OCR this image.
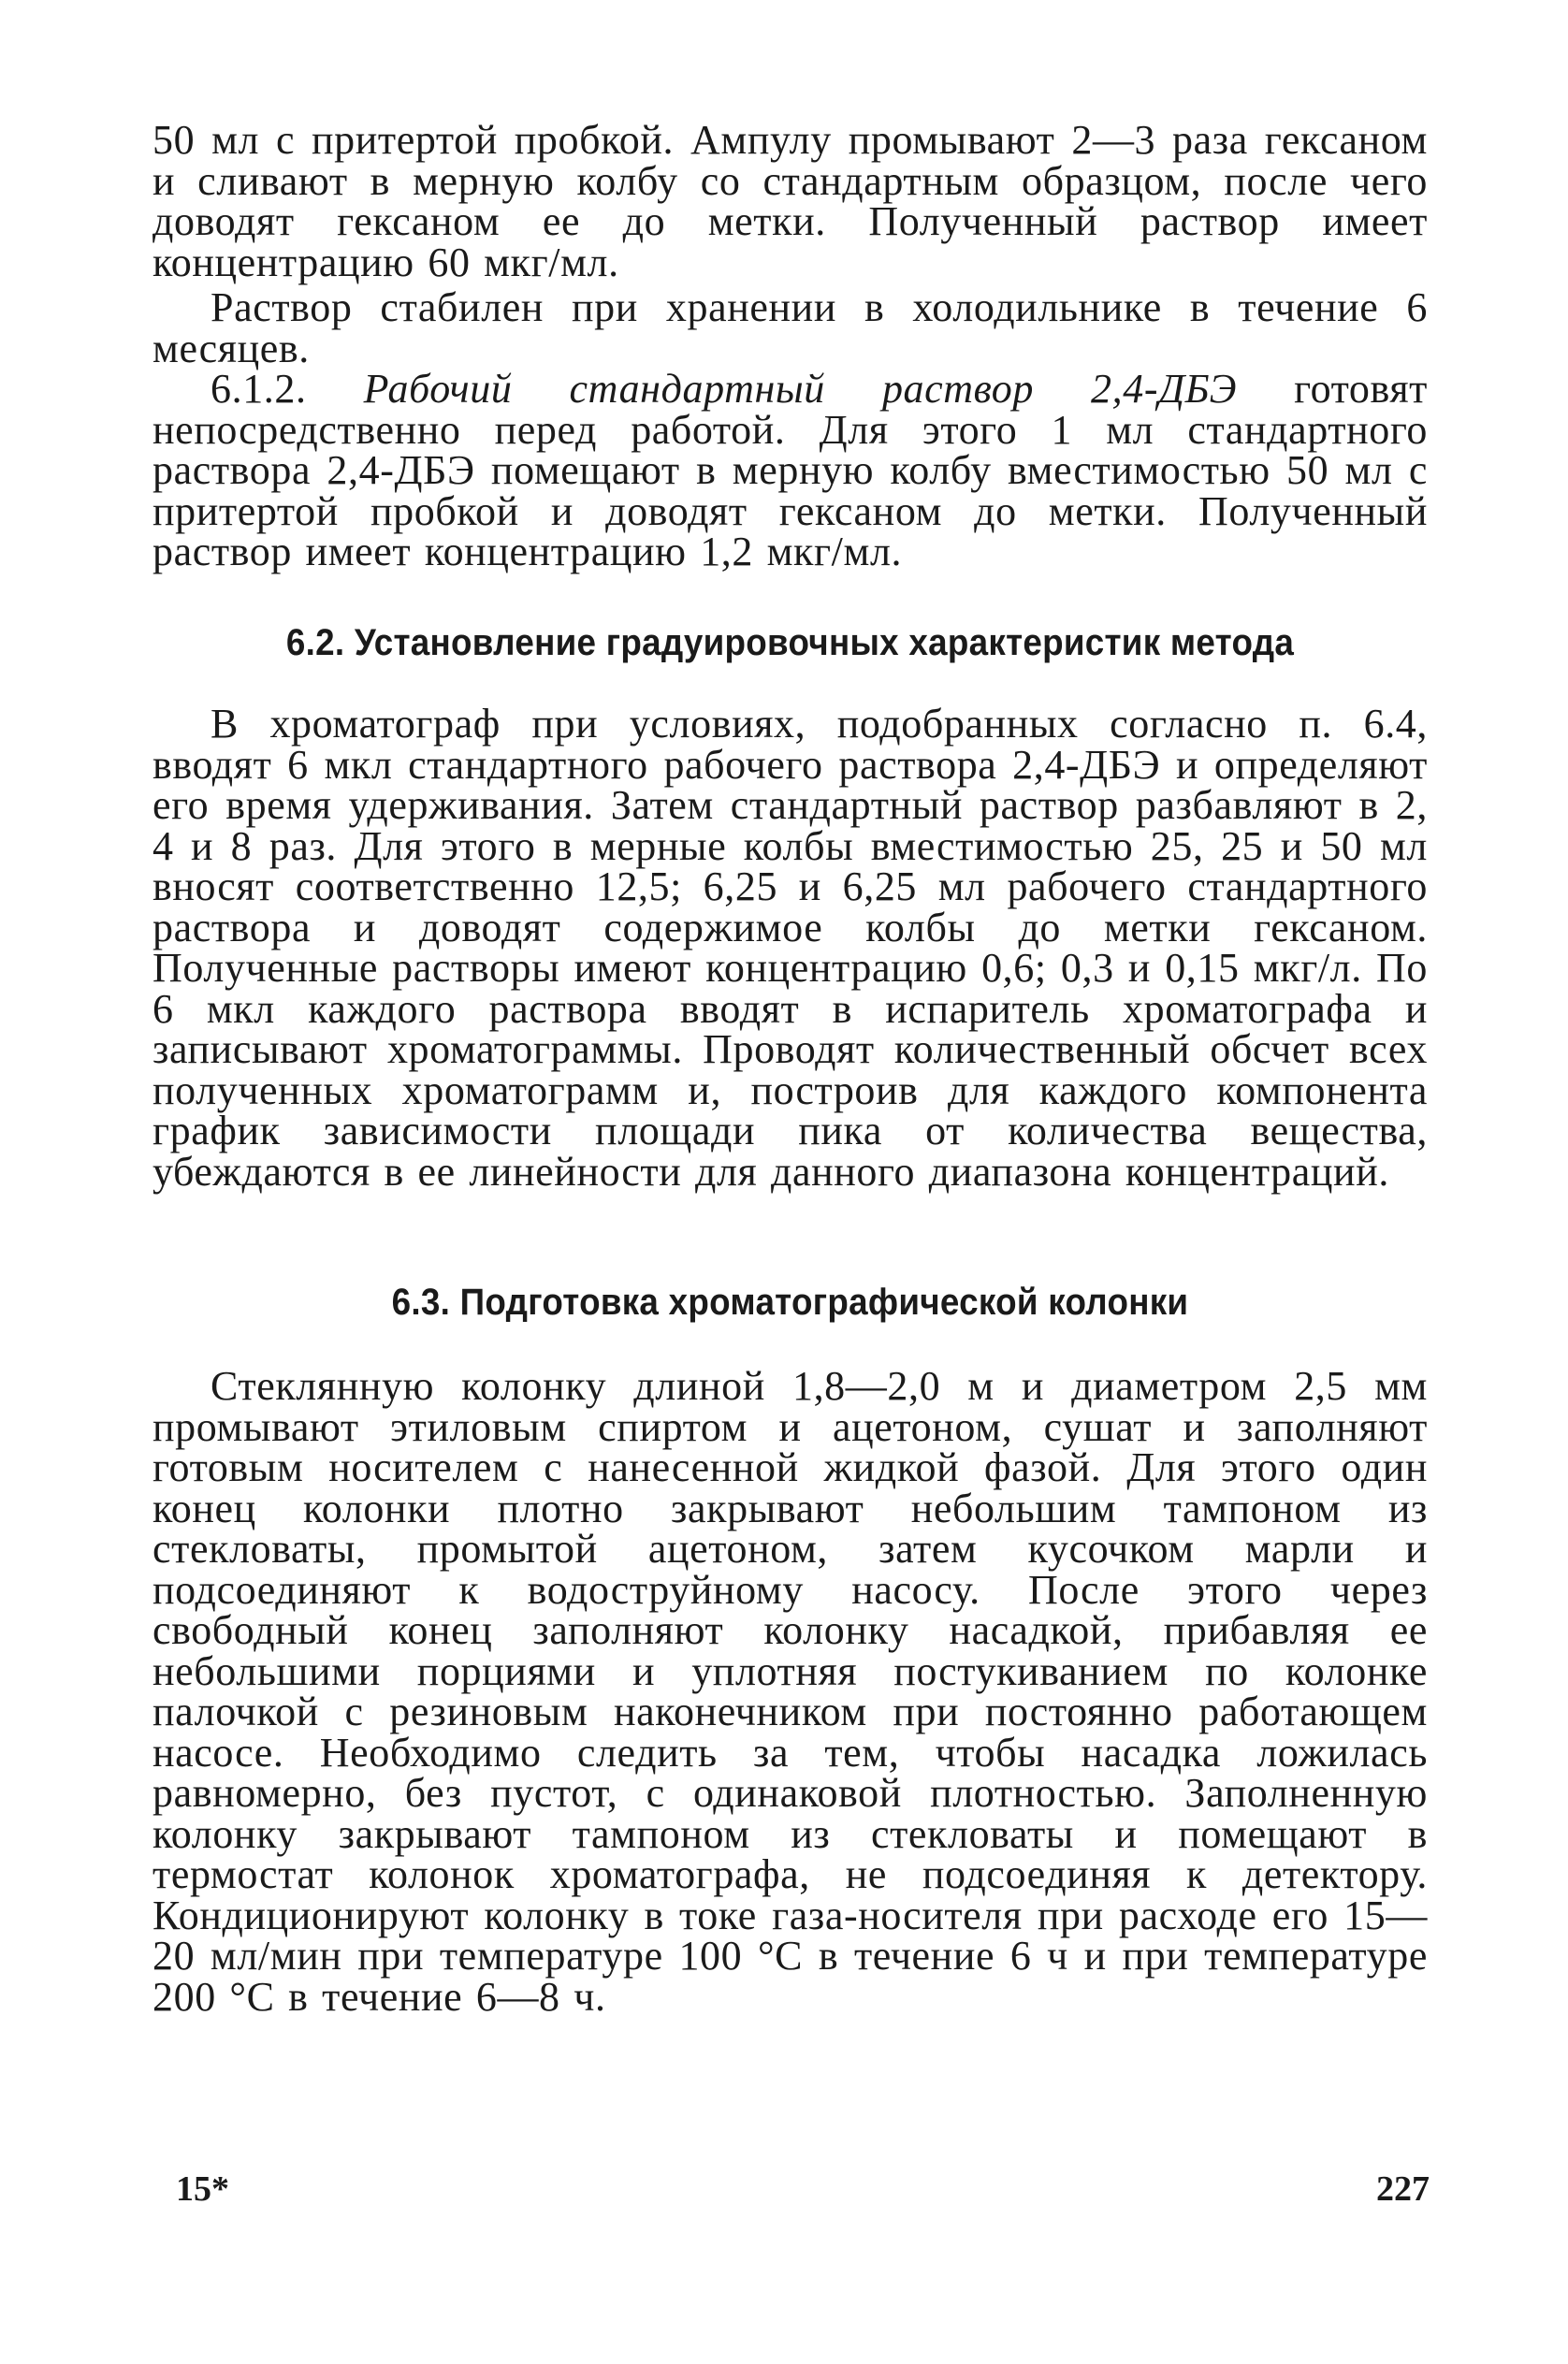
50 мл с притертой пробкой. Ампулу промывают 2—3 раза гексаном и сливают в мерную колбу со стандартным образцом, после чего доводят гексаном ее до метки. Полученный раствор имеет концентрацию 60 мкг/мл.

Раствор стабилен при хранении в холодильнике в течение 6 месяцев.

6.1.2. Рабочий стандартный раствор 2,4-ДБЭ готовят непосредственно перед работой. Для этого 1 мл стандартного раствора 2,4-ДБЭ помещают в мерную колбу вместимостью 50 мл с притертой пробкой и доводят гексаном до метки. Полученный раствор имеет концентрацию 1,2 мкг/мл.

6.2. Установление градуировочных характеристик метода

В хроматограф при условиях, подобранных согласно п. 6.4, вводят 6 мкл стандартного рабочего раствора 2,4-ДБЭ и определяют его время удерживания. Затем стандартный раствор разбавляют в 2, 4 и 8 раз. Для этого в мерные колбы вместимостью 25, 25 и 50 мл вносят соответственно 12,5; 6,25 и 6,25 мл рабочего стандартного раствора и доводят содержимое колбы до метки гексаном. Полученные растворы имеют концентрацию 0,6; 0,3 и 0,15 мкг/л. По 6 мкл каждого раствора вводят в испаритель хроматографа и записывают хроматограммы. Проводят количественный обсчет всех полученных хроматограмм и, построив для каждого компонента график зависимости площади пика от количества вещества, убеждаются в ее линейности для данного диапазона концентраций.

6.3. Подготовка хроматографической колонки

Стеклянную колонку длиной 1,8—2,0 м и диаметром 2,5 мм промывают этиловым спиртом и ацетоном, сушат и заполняют готовым носителем с нанесенной жидкой фазой. Для этого один конец колонки плотно закрывают небольшим тампоном из стекловаты, промытой ацетоном, затем кусочком марли и подсоединяют к водоструйному насосу. После этого через свободный конец заполняют колонку насадкой, прибавляя ее небольшими порциями и уплотняя постукиванием по колонке палочкой с резиновым наконечником при постоянно работающем насосе. Необходимо следить за тем, чтобы насадка ложилась равномерно, без пустот, с одинаковой плотностью. Заполненную колонку закрывают тампоном из стекловаты и помещают в термостат колонок хроматографа, не подсоединяя к детектору. Кондиционируют колонку в токе газа-носителя при расходе его 15—20 мл/мин при температуре 100 °С в течение 6 ч и при температуре 200 °С в течение 6—8 ч.

15*	227
